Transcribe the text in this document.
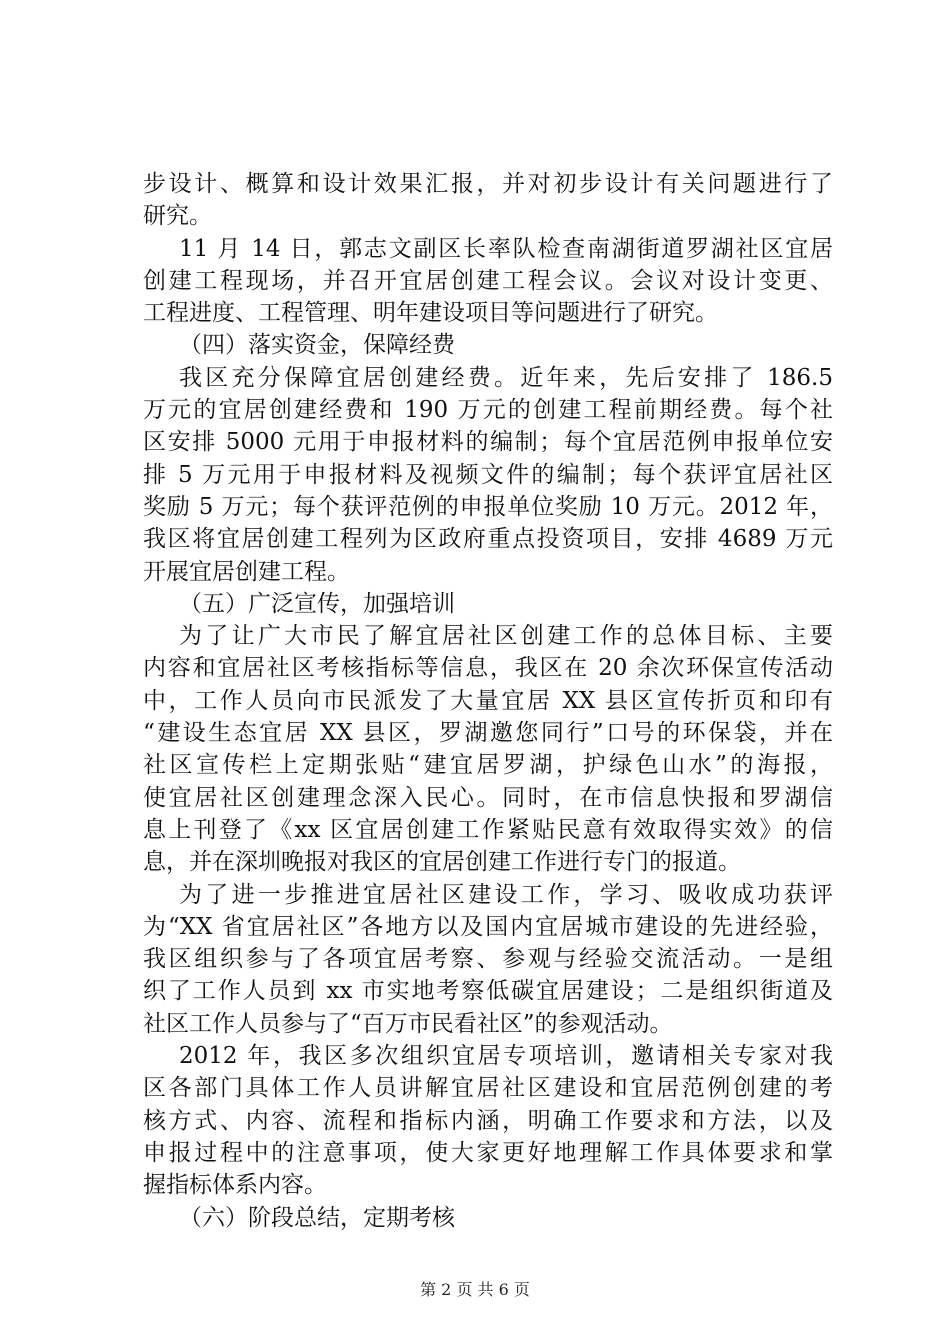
步设计、概算和设计效果汇报，并对初步设计有关问题进行了
研究。
11 月 14 日，郭志文副区长率队检查南湖街道罗湖社区宜居
创建工程现场，并召开宜居创建工程会议。会议对设计变更、
工程进度、工程管理、明年建设项目等问题进行了研究。
（四）落实资金，保障经费
我区充分保障宜居创建经费。近年来，先后安排了 186.5
万元的宜居创建经费和 190 万元的创建工程前期经费。每个社
区安排 5000 元用于申报材料的编制；每个宜居范例申报单位安
排 5 万元用于申报材料及视频文件的编制；每个获评宜居社区
奖励 5 万元；每个获评范例的申报单位奖励 10 万元。2012 年，
我区将宜居创建工程列为区政府重点投资项目，安排 4689 万元
开展宜居创建工程。
（五）广泛宣传，加强培训
为了让广大市民了解宜居社区创建工作的总体目标、主要
内容和宜居社区考核指标等信息，我区在 20 余次环保宣传活动
中，工作人员向市民派发了大量宜居 XX 县区宣传折页和印有
“建设生态宜居 XX 县区，罗湖邀您同行”口号的环保袋，并在
社区宣传栏上定期张贴“建宜居罗湖，护绿色山水”的海报，
使宜居社区创建理念深入民心。同时，在市信息快报和罗湖信
息上刊登了《xx 区宜居创建工作紧贴民意有效取得实效》的信
息，并在深圳晚报对我区的宜居创建工作进行专门的报道。
为了进一步推进宜居社区建设工作，学习、吸收成功获评
为“XX 省宜居社区”各地方以及国内宜居城市建设的先进经验，
我区组织参与了各项宜居考察、参观与经验交流活动。一是组
织了工作人员到 xx 市实地考察低碳宜居建设；二是组织街道及
社区工作人员参与了“百万市民看社区”的参观活动。
2012 年，我区多次组织宜居专项培训，邀请相关专家对我
区各部门具体工作人员讲解宜居社区建设和宜居范例创建的考
核方式、内容、流程和指标内涵，明确工作要求和方法，以及
申报过程中的注意事项，使大家更好地理解工作具体要求和掌
握指标体系内容。
（六）阶段总结，定期考核
第 2 页 共 6 页
